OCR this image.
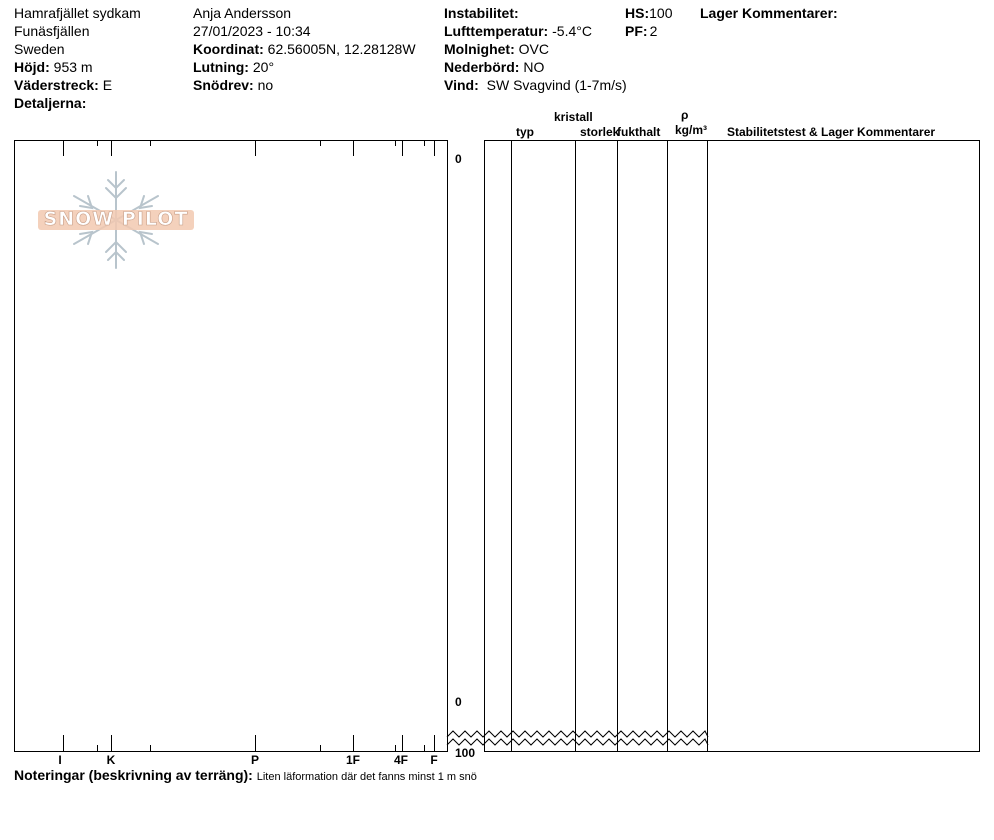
Hamrafjället sydkam
Funäsfjällen
Sweden
Höjd: 953 m
Väderstreck: E
Detaljerna:
Anja Andersson
27/01/2023 - 10:34
Koordinat: 62.56005N, 12.28128W
Lutning: 20°
Snödrev: no
Instabilitet:
Lufttemperatur: -5.4°C
Molnighet: OVC
Nederbörd: NO
Vind: SW Svagvind (1-7m/s)
HS:100
PF: 2
Lager Kommentarer:
I	K	P	1F	4F	F
SNOW PILOT
0
0
100
typ
kristall
storlek
fukthalt
ρ
kg/m³ Stabilitetstest & Lager Kommentarer
Noteringar (beskrivning av terräng): Liten läformation där det fanns minst 1 m snö
